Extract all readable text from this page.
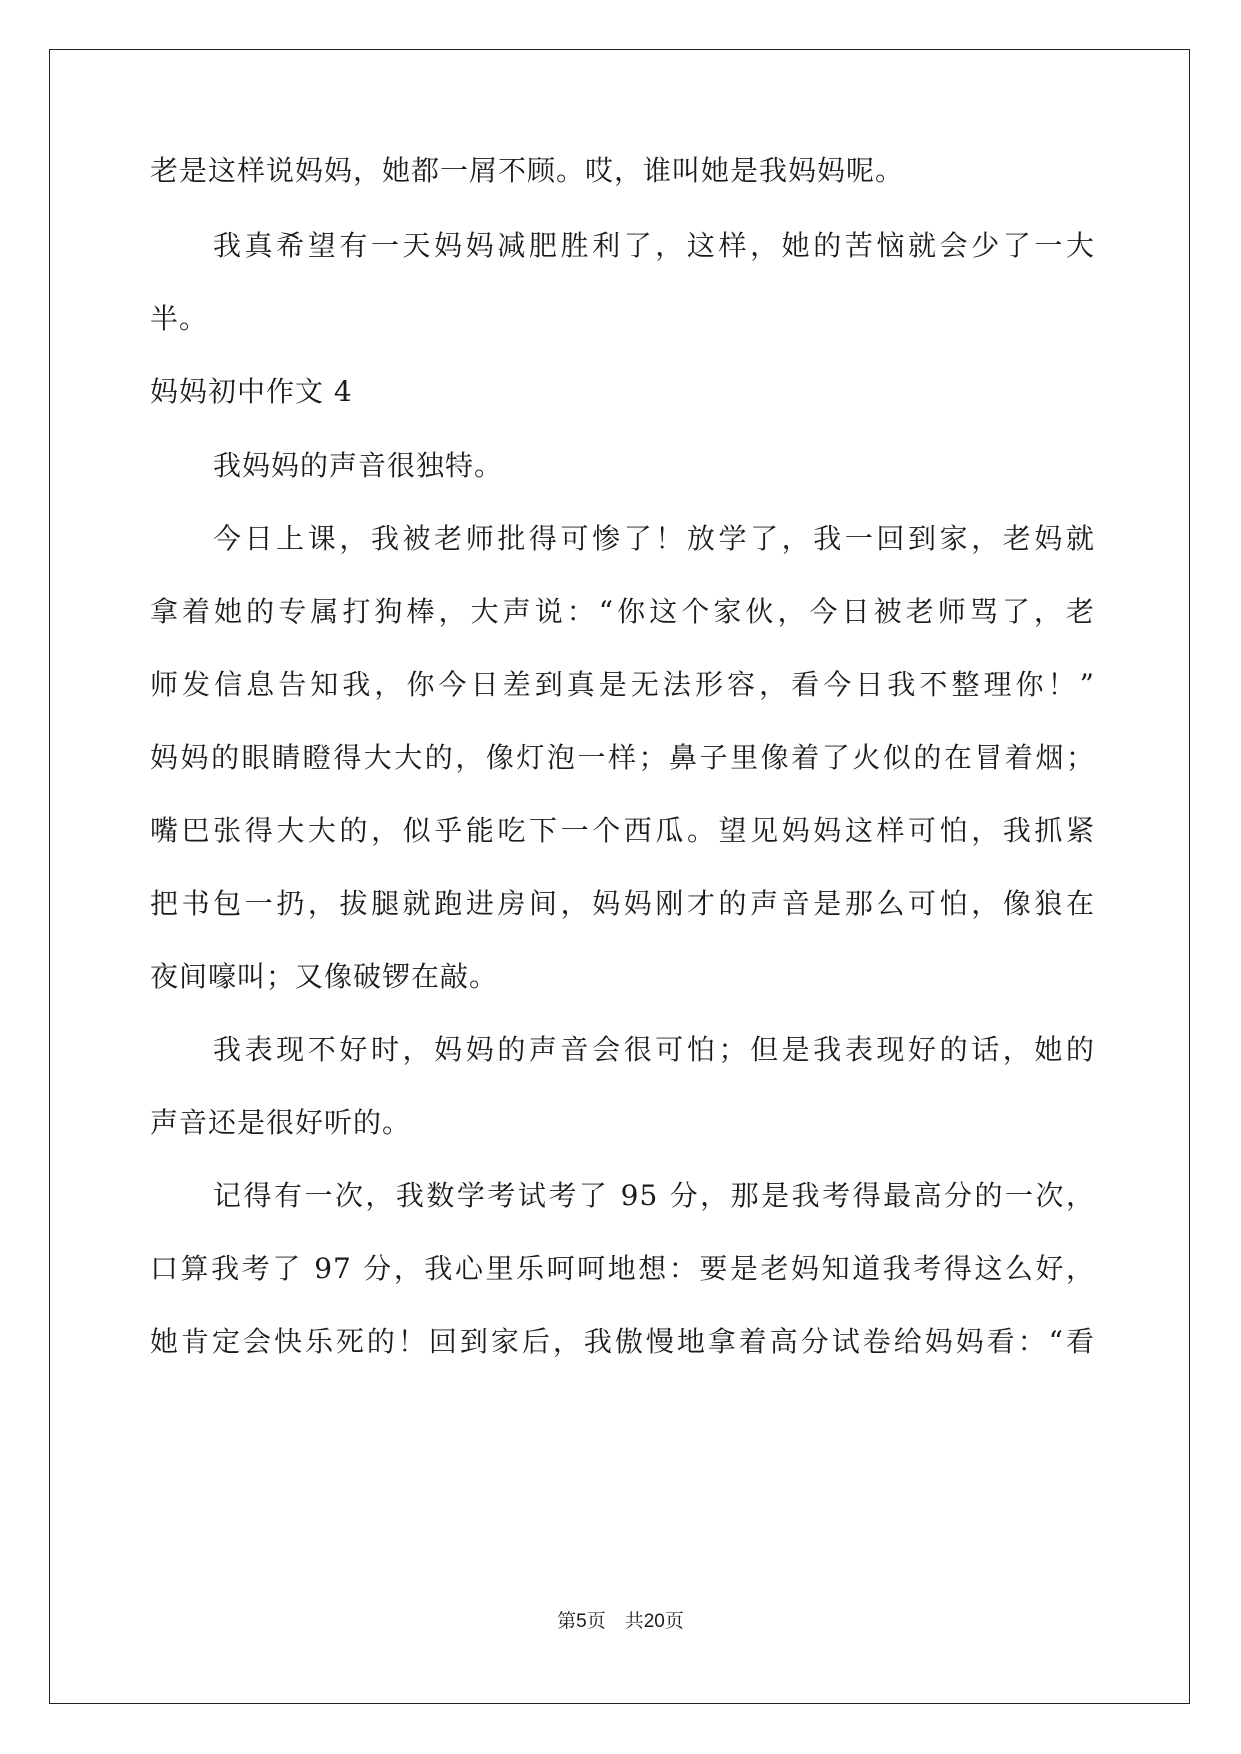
老是这样说妈妈，她都一屑不顾。哎，谁叫她是我妈妈呢。
我真希望有一天妈妈减肥胜利了，这样，她的苦恼就会少了一大
半。
妈妈初中作文 4
我妈妈的声音很独特。
今日上课，我被老师批得可惨了！放学了，我一回到家，老妈就
拿着她的专属打狗棒，大声说：“你这个家伙，今日被老师骂了，老
师发信息告知我，你今日差到真是无法形容，看今日我不整理你！”
妈妈的眼睛瞪得大大的，像灯泡一样；鼻子里像着了火似的在冒着烟；
嘴巴张得大大的，似乎能吃下一个西瓜。望见妈妈这样可怕，我抓紧
把书包一扔，拔腿就跑进房间，妈妈刚才的声音是那么可怕，像狼在
夜间嚎叫；又像破锣在敲。
我表现不好时，妈妈的声音会很可怕；但是我表现好的话，她的
声音还是很好听的。
记得有一次，我数学考试考了 95 分，那是我考得最高分的一次，
口算我考了 97 分，我心里乐呵呵地想：要是老妈知道我考得这么好，
她肯定会快乐死的！回到家后，我傲慢地拿着高分试卷给妈妈看：“看
第5页　共20页
